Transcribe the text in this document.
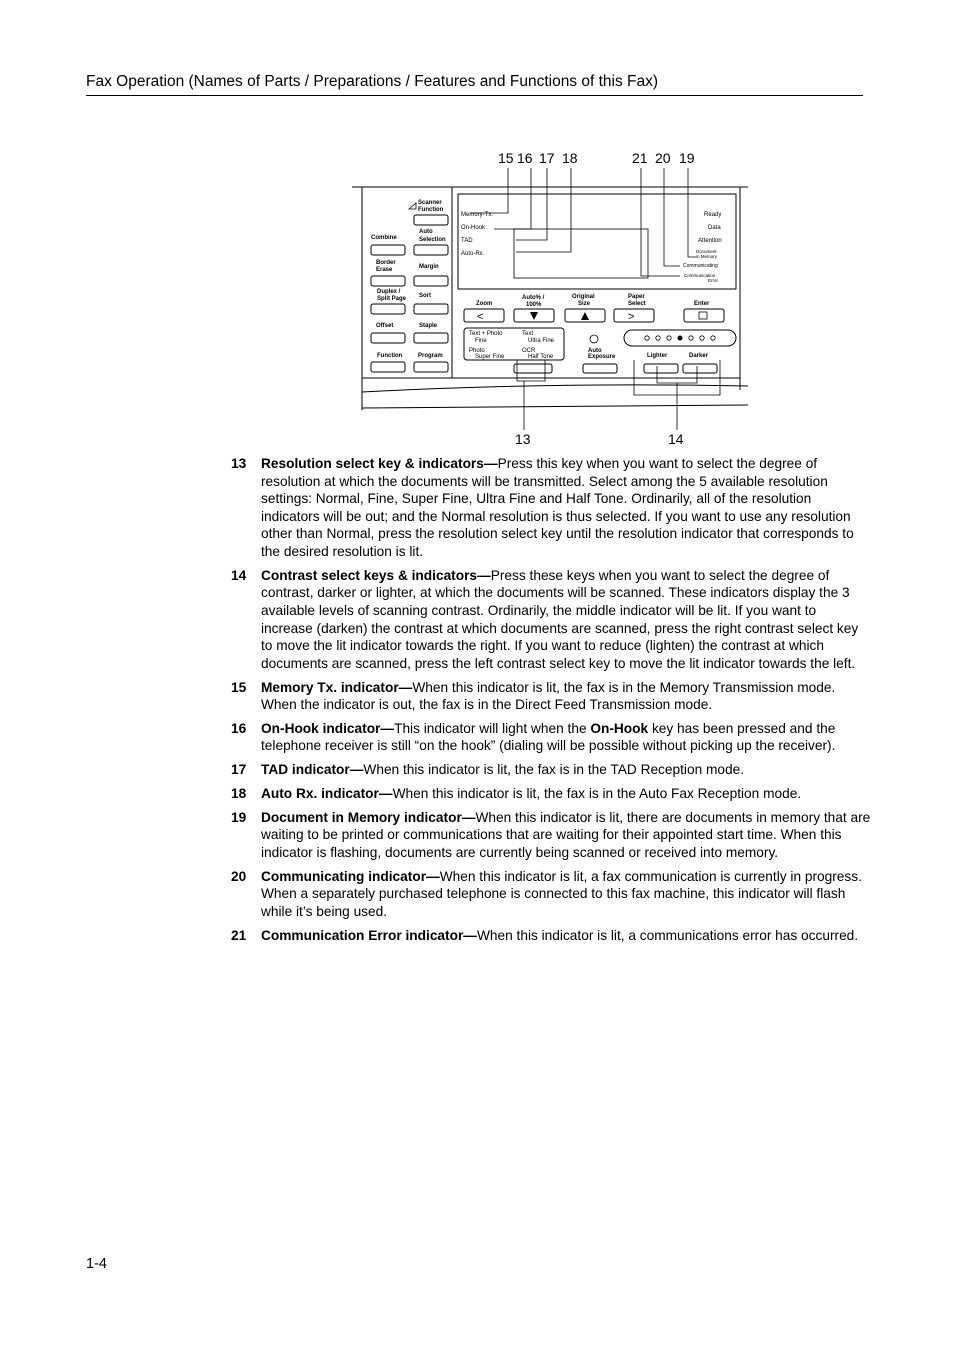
Fax Operation (Names of Parts / Preparations / Features and Functions of this Fax)
Scanner
Function
Combine
Auto
Selection
Border
Erase	Margin
Duplex /
Split Page Sort
Offset	Staple
Function	Program
Memory-Tx.
On-Hook
TAD
Auto-Rx.
Ready
Data
Attention
Document
in Memory
Communicating
Communication
Error
Zoom
Auto% /
100%
Original
Size
Paper
Select	Enter
<	>
Text + Photo
Fine
Text
Ultra Fine
Photo
Super Fine
OCR
Half Tone
Auto
Exposure	Lighter	Darker
15 16 17 18	21 20 19
13	14
13	Resolution select key & indicators—Press this key when you want to select the degree of resolution at which the documents will be transmitted. Select among the 5 available resolution settings: Normal, Fine, Super Fine, Ultra Fine and Half Tone. Ordinarily, all of the resolution indicators will be out; and the Normal resolution is thus selected. If you want to use any resolution other than Normal, press the resolution select key until the resolution indicator that corresponds to the desired resolution is lit.
14	Contrast select keys & indicators—Press these keys when you want to select the degree of contrast, darker or lighter, at which the documents will be scanned. These indicators display the 3 available levels of scanning contrast. Ordinarily, the middle indicator will be lit. If you want to increase (darken) the contrast at which documents are scanned, press the right contrast select key to move the lit indicator towards the right. If you want to reduce (lighten) the contrast at which documents are scanned, press the left contrast select key to move the lit indicator towards the left.
15	Memory Tx. indicator—When this indicator is lit, the fax is in the Memory Transmission mode. When the indicator is out, the fax is in the Direct Feed Transmission mode.
16	On-Hook indicator—This indicator will light when the On-Hook key has been pressed and the telephone receiver is still “on the hook” (dialing will be possible without picking up the receiver).
17	TAD indicator—When this indicator is lit, the fax is in the TAD Reception mode.
18	Auto Rx. indicator—When this indicator is lit, the fax is in the Auto Fax Reception mode.
19	Document in Memory indicator—When this indicator is lit, there are documents in memory that are waiting to be printed or communications that are waiting for their appointed start time. When this indicator is flashing, documents are currently being scanned or received into memory.
20	Communicating indicator—When this indicator is lit, a fax communication is currently in progress. When a separately purchased telephone is connected to this fax machine, this indicator will flash while it’s being used.
21	Communication Error indicator—When this indicator is lit, a communications error has occurred.
1-4
